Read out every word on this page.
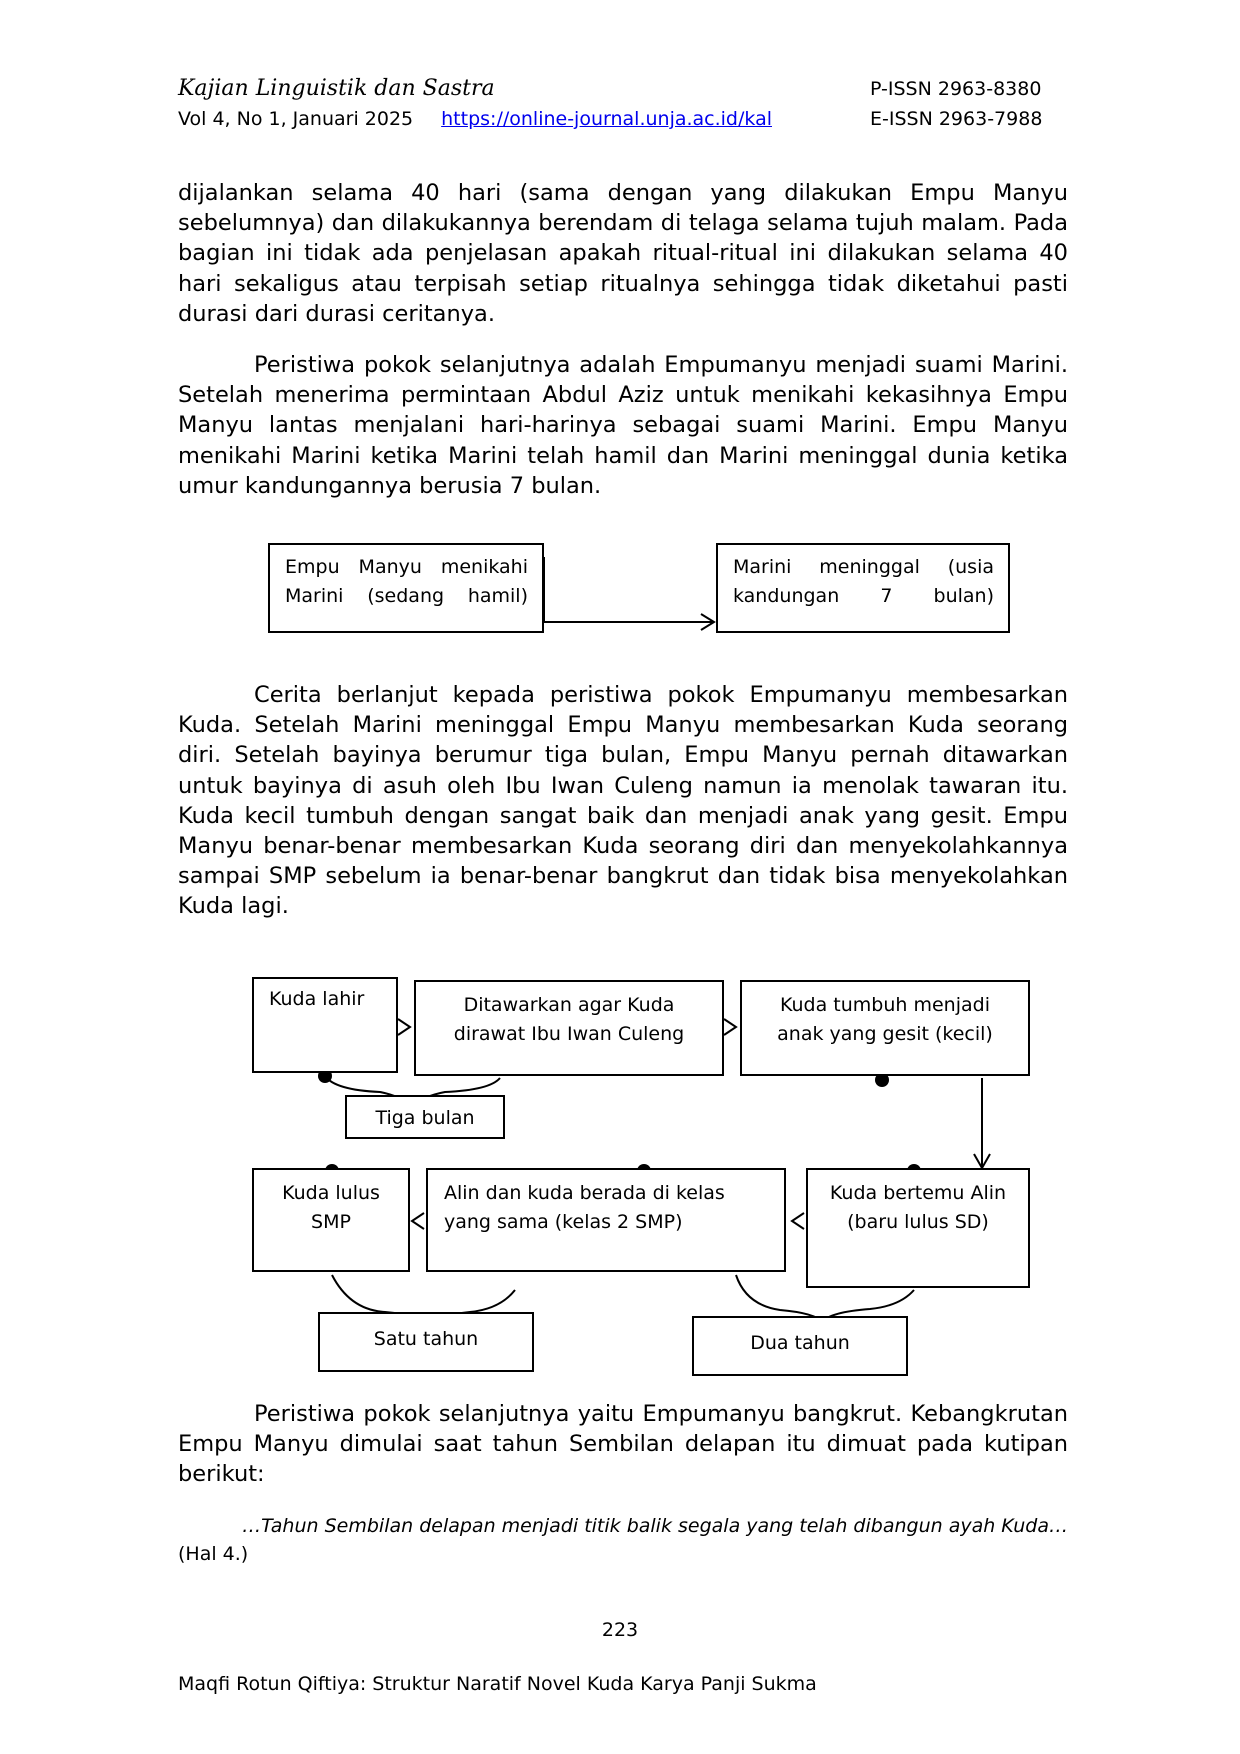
Kajian Linguistik dan Sastra	P-ISSN 2963-8380
Vol 4, No 1, Januari 2025 https://online-journal.unja.ac.id/kal	E-ISSN 2963-7988

dijalankan selama 40 hari (sama dengan yang dilakukan Empu Manyu sebelumnya) dan dilakukannya berendam di telaga selama tujuh malam. Pada bagian ini tidak ada penjelasan apakah ritual-ritual ini dilakukan selama 40 hari sekaligus atau terpisah setiap ritualnya sehingga tidak diketahui pasti durasi dari durasi ceritanya.

Peristiwa pokok selanjutnya adalah Empumanyu menjadi suami Marini. Setelah menerima permintaan Abdul Aziz untuk menikahi kekasihnya Empu Manyu lantas menjalani hari-harinya sebagai suami Marini. Empu Manyu menikahi Marini ketika Marini telah hamil dan Marini meninggal dunia ketika umur kandungannya berusia 7 bulan.

Cerita berlanjut kepada peristiwa pokok Empumanyu membesarkan Kuda. Setelah Marini meninggal Empu Manyu membesarkan Kuda seorang diri. Setelah bayinya berumur tiga bulan, Empu Manyu pernah ditawarkan untuk bayinya di asuh oleh Ibu Iwan Culeng namun ia menolak tawaran itu. Kuda kecil tumbuh dengan sangat baik dan menjadi anak yang gesit. Empu Manyu benar-benar membesarkan Kuda seorang diri dan menyekolahkannya sampai SMP sebelum ia benar-benar bangkrut dan tidak bisa menyekolahkan Kuda lagi.

Peristiwa pokok selanjutnya yaitu Empumanyu bangkrut. Kebangkrutan Empu Manyu dimulai saat tahun Sembilan delapan itu dimuat pada kutipan berikut:

Empu Manyu menikahi Marini (sedang hamil)
Marini meninggal (usia kandungan 7 bulan)
Kuda lahir	Ditawarkan agar Kuda dirawat Ibu Iwan Culeng
Kuda tumbuh menjadi anak yang gesit (kecil)
Tiga bulan
Kuda lulus SMP
Alin dan kuda berada di kelas yang sama (kelas 2 SMP)
Kuda bertemu Alin (baru lulus SD)
Satu tahun	Dua tahun
…Tahun Sembilan delapan menjadi titik balik segala yang telah dibangun ayah Kuda…
(Hal 4.)
223
Maqfi Rotun Qiftiya: Struktur Naratif Novel Kuda Karya Panji Sukma
